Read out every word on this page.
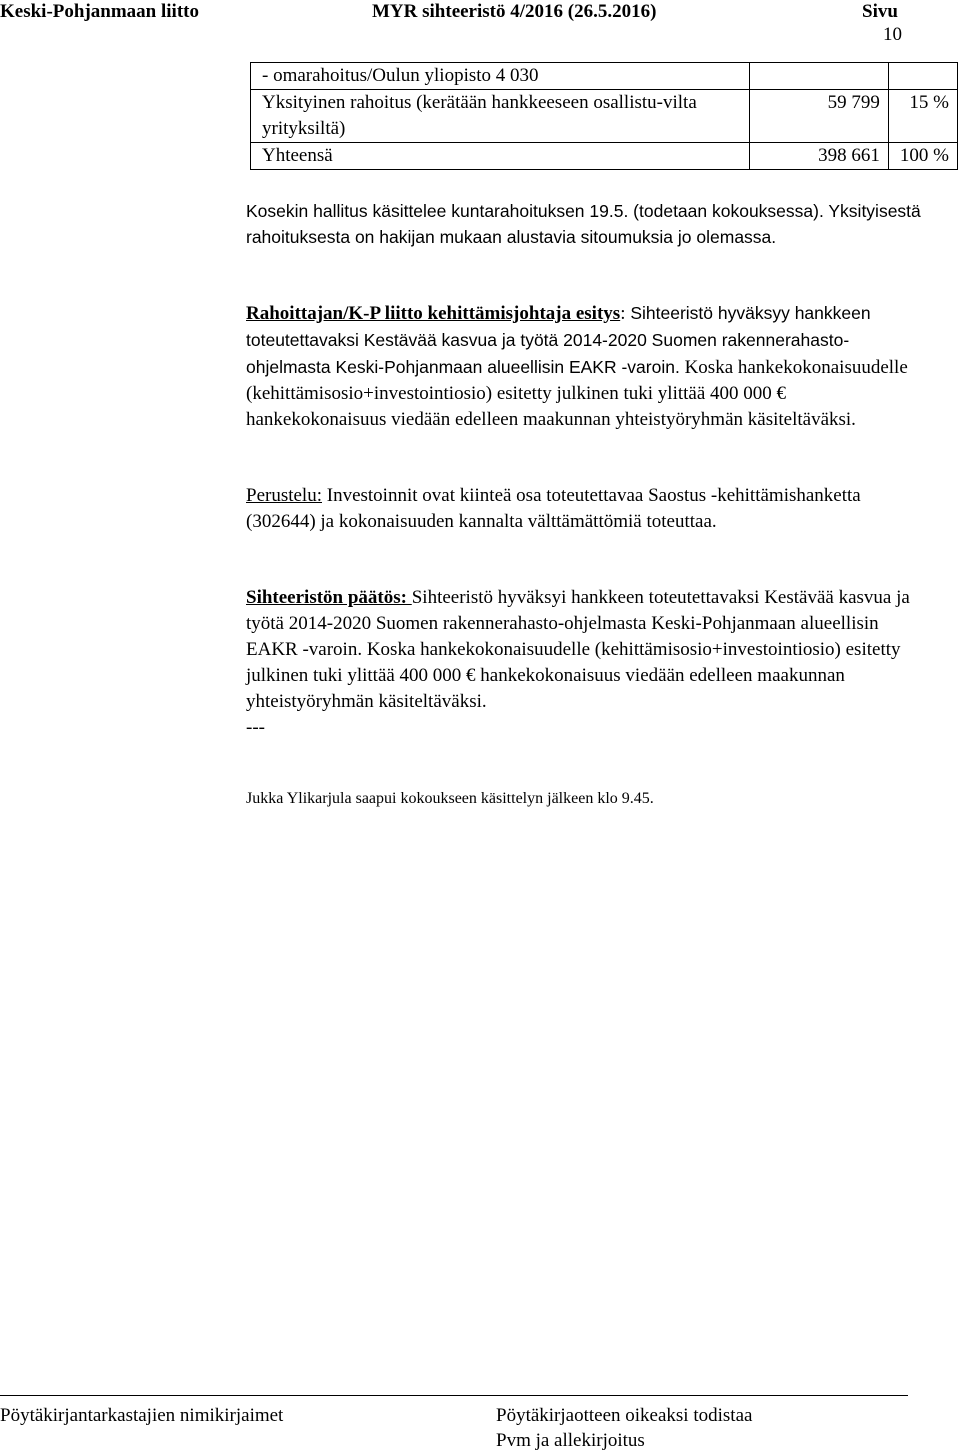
Keski-Pohjanmaan liitto	MYR sihteeristö 4/2016 (26.5.2016)	Sivu
10
- omarahoitus/Oulun yliopisto 4 030		
Yksityinen rahoitus (kerätään hankkeeseen osallistu-vilta yrityksiltä)	59 799	15 %
Yhteensä	398 661	100 %

Kosekin hallitus käsittelee kuntarahoituksen 19.5. (todetaan kokouksessa). Yksityisestä rahoituksesta on hakijan mukaan alustavia sitoumuksia jo olemassa.

Rahoittajan/K-P liitto kehittämisjohtaja esitys: Sihteeristö hyväksyy hankkeen toteutettavaksi Kestävää kasvua ja työtä 2014-2020 Suomen rakennerahasto-ohjelmasta Keski-Pohjanmaan alueellisin EAKR -varoin. Koska hankekokonaisuudelle (kehittämisosio+investointiosio) esitetty julkinen tuki ylittää 400 000 € hankekokonaisuus viedään edelleen maakunnan yhteistyöryhmän käsiteltäväksi.

Perustelu: Investoinnit ovat kiinteä osa toteutettavaa Saostus -kehittämishanketta (302644) ja kokonaisuuden kannalta välttämättömiä toteuttaa.

Sihteeristön päätös: Sihteeristö hyväksyi hankkeen toteutettavaksi Kestävää kasvua ja työtä 2014-2020 Suomen rakennerahasto-ohjelmasta Keski-Pohjanmaan alueellisin EAKR -varoin. Koska hankekokonaisuudelle (kehittämisosio+investointiosio) esitetty julkinen tuki ylittää 400 000 € hankekokonaisuus viedään edelleen maakunnan yhteistyöryhmän käsiteltäväksi.
---

Jukka Ylikarjula saapui kokoukseen käsittelyn jälkeen klo 9.45.
Pöytäkirjantarkastajien nimikirjaimet	Pöytäkirjaotteen oikeaksi todistaa
Pvm ja allekirjoitus
